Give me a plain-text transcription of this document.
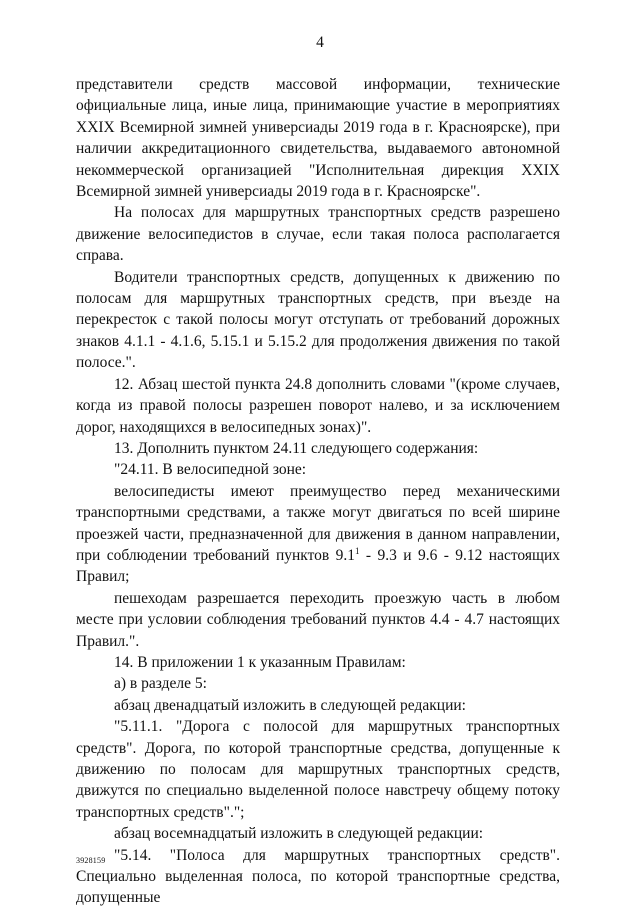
4

представители средств массовой информации, технические официальные лица, иные лица, принимающие участие в мероприятиях XXIX Всемирной зимней универсиады 2019 года в г. Красноярске), при наличии аккредитационного свидетельства, выдаваемого автономной некоммерческой организацией "Исполнительная дирекция XXIX Всемирной зимней универсиады 2019 года в г. Красноярске".

На полосах для маршрутных транспортных средств разрешено движение велосипедистов в случае, если такая полоса располагается справа.

Водители транспортных средств, допущенных к движению по полосам для маршрутных транспортных средств, при въезде на перекресток с такой полосы могут отступать от требований дорожных знаков 4.1.1 - 4.1.6, 5.15.1 и 5.15.2 для продолжения движения по такой полосе.".

12. Абзац шестой пункта 24.8 дополнить словами "(кроме случаев, когда из правой полосы разрешен поворот налево, и за исключением дорог, находящихся в велосипедных зонах)".

13. Дополнить пунктом 24.11 следующего содержания:

"24.11. В велосипедной зоне:

велосипедисты имеют преимущество перед механическими транспортными средствами, а также могут двигаться по всей ширине проезжей части, предназначенной для движения в данном направлении, при соблюдении требований пунктов $9.1^1 - 9.3$ и 9.6 - 9.12 настоящих Правил;

пешеходам разрешается переходить проезжую часть в любом месте при условии соблюдения требований пунктов 4.4 - 4.7 настоящих Правил.".

14. В приложении 1 к указанным Правилам:

а) в разделе 5:

абзац двенадцатый изложить в следующей редакции:

"5.11.1. "Дорога с полосой для маршрутных транспортных средств". Дорога, по которой транспортные средства, допущенные к движению по полосам для маршрутных транспортных средств, движутся по специально выделенной полосе навстречу общему потоку транспортных средств".";

абзац восемнадцатый изложить в следующей редакции:

"5.14. "Полоса для маршрутных транспортных средств". Специально выделенная полоса, по которой транспортные средства, допущенные

3928159
